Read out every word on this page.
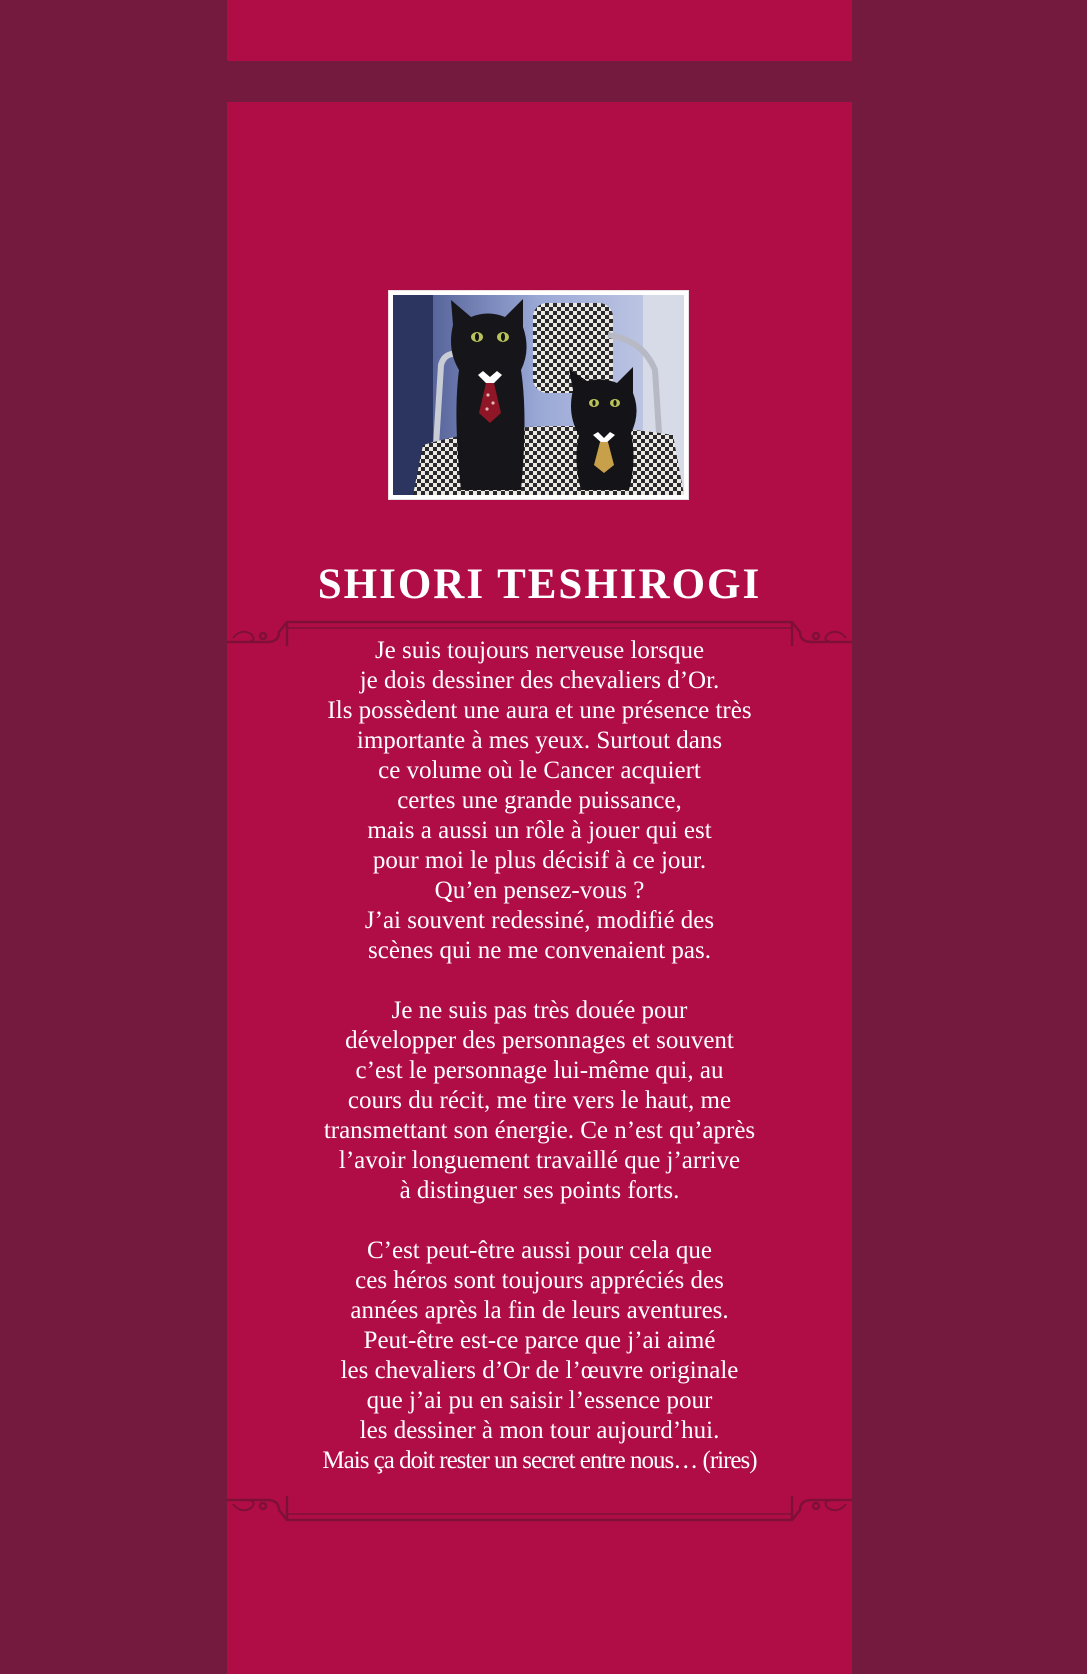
SHIORI TESHIROGI
Je suis toujours nerveuse lorsque
je dois dessiner des chevaliers d’Or.
Ils possèdent une aura et une présence très
importante à mes yeux. Surtout dans
ce volume où le Cancer acquiert
certes une grande puissance,
mais a aussi un rôle à jouer qui est
pour moi le plus décisif à ce jour.
Qu’en pensez-vous ?
J’ai souvent redessiné, modifié des
scènes qui ne me convenaient pas.
Je ne suis pas très douée pour
développer des personnages et souvent
c’est le personnage lui-même qui, au
cours du récit, me tire vers le haut, me
transmettant son énergie. Ce n’est qu’après
l’avoir longuement travaillé que j’arrive
à distinguer ses points forts.
C’est peut-être aussi pour cela que
ces héros sont toujours appréciés des
années après la fin de leurs aventures.
Peut-être est-ce parce que j’ai aimé
les chevaliers d’Or de l’œuvre originale
que j’ai pu en saisir l’essence pour
les dessiner à mon tour aujourd’hui.
Mais ça doit rester un secret entre nous… (rires)
